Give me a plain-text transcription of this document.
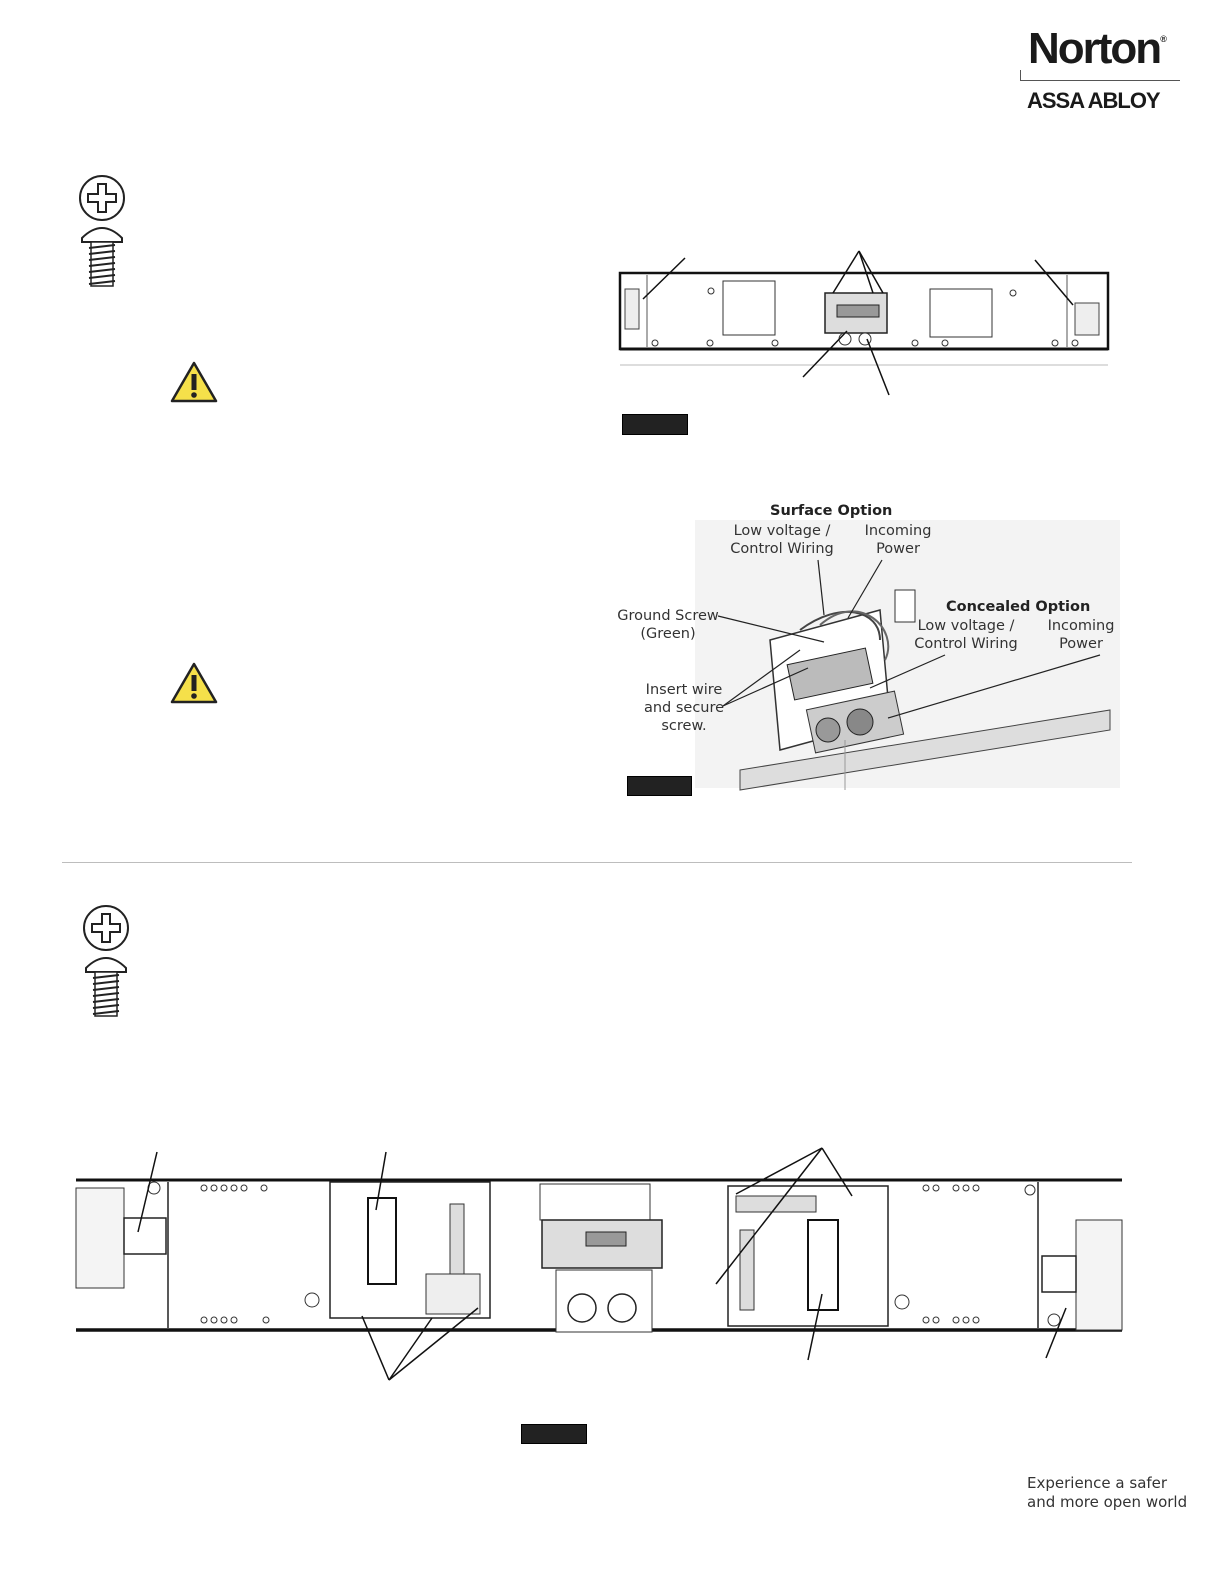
Norton®
ASSA ABLOY
Surface Option
Low voltage /
Control Wiring
Incoming
Power
Concealed Option
Low voltage /
Control Wiring
Incoming
Power
Ground Screw
(Green)
Insert wire
and secure
screw.
Experience a safer
and more open world
